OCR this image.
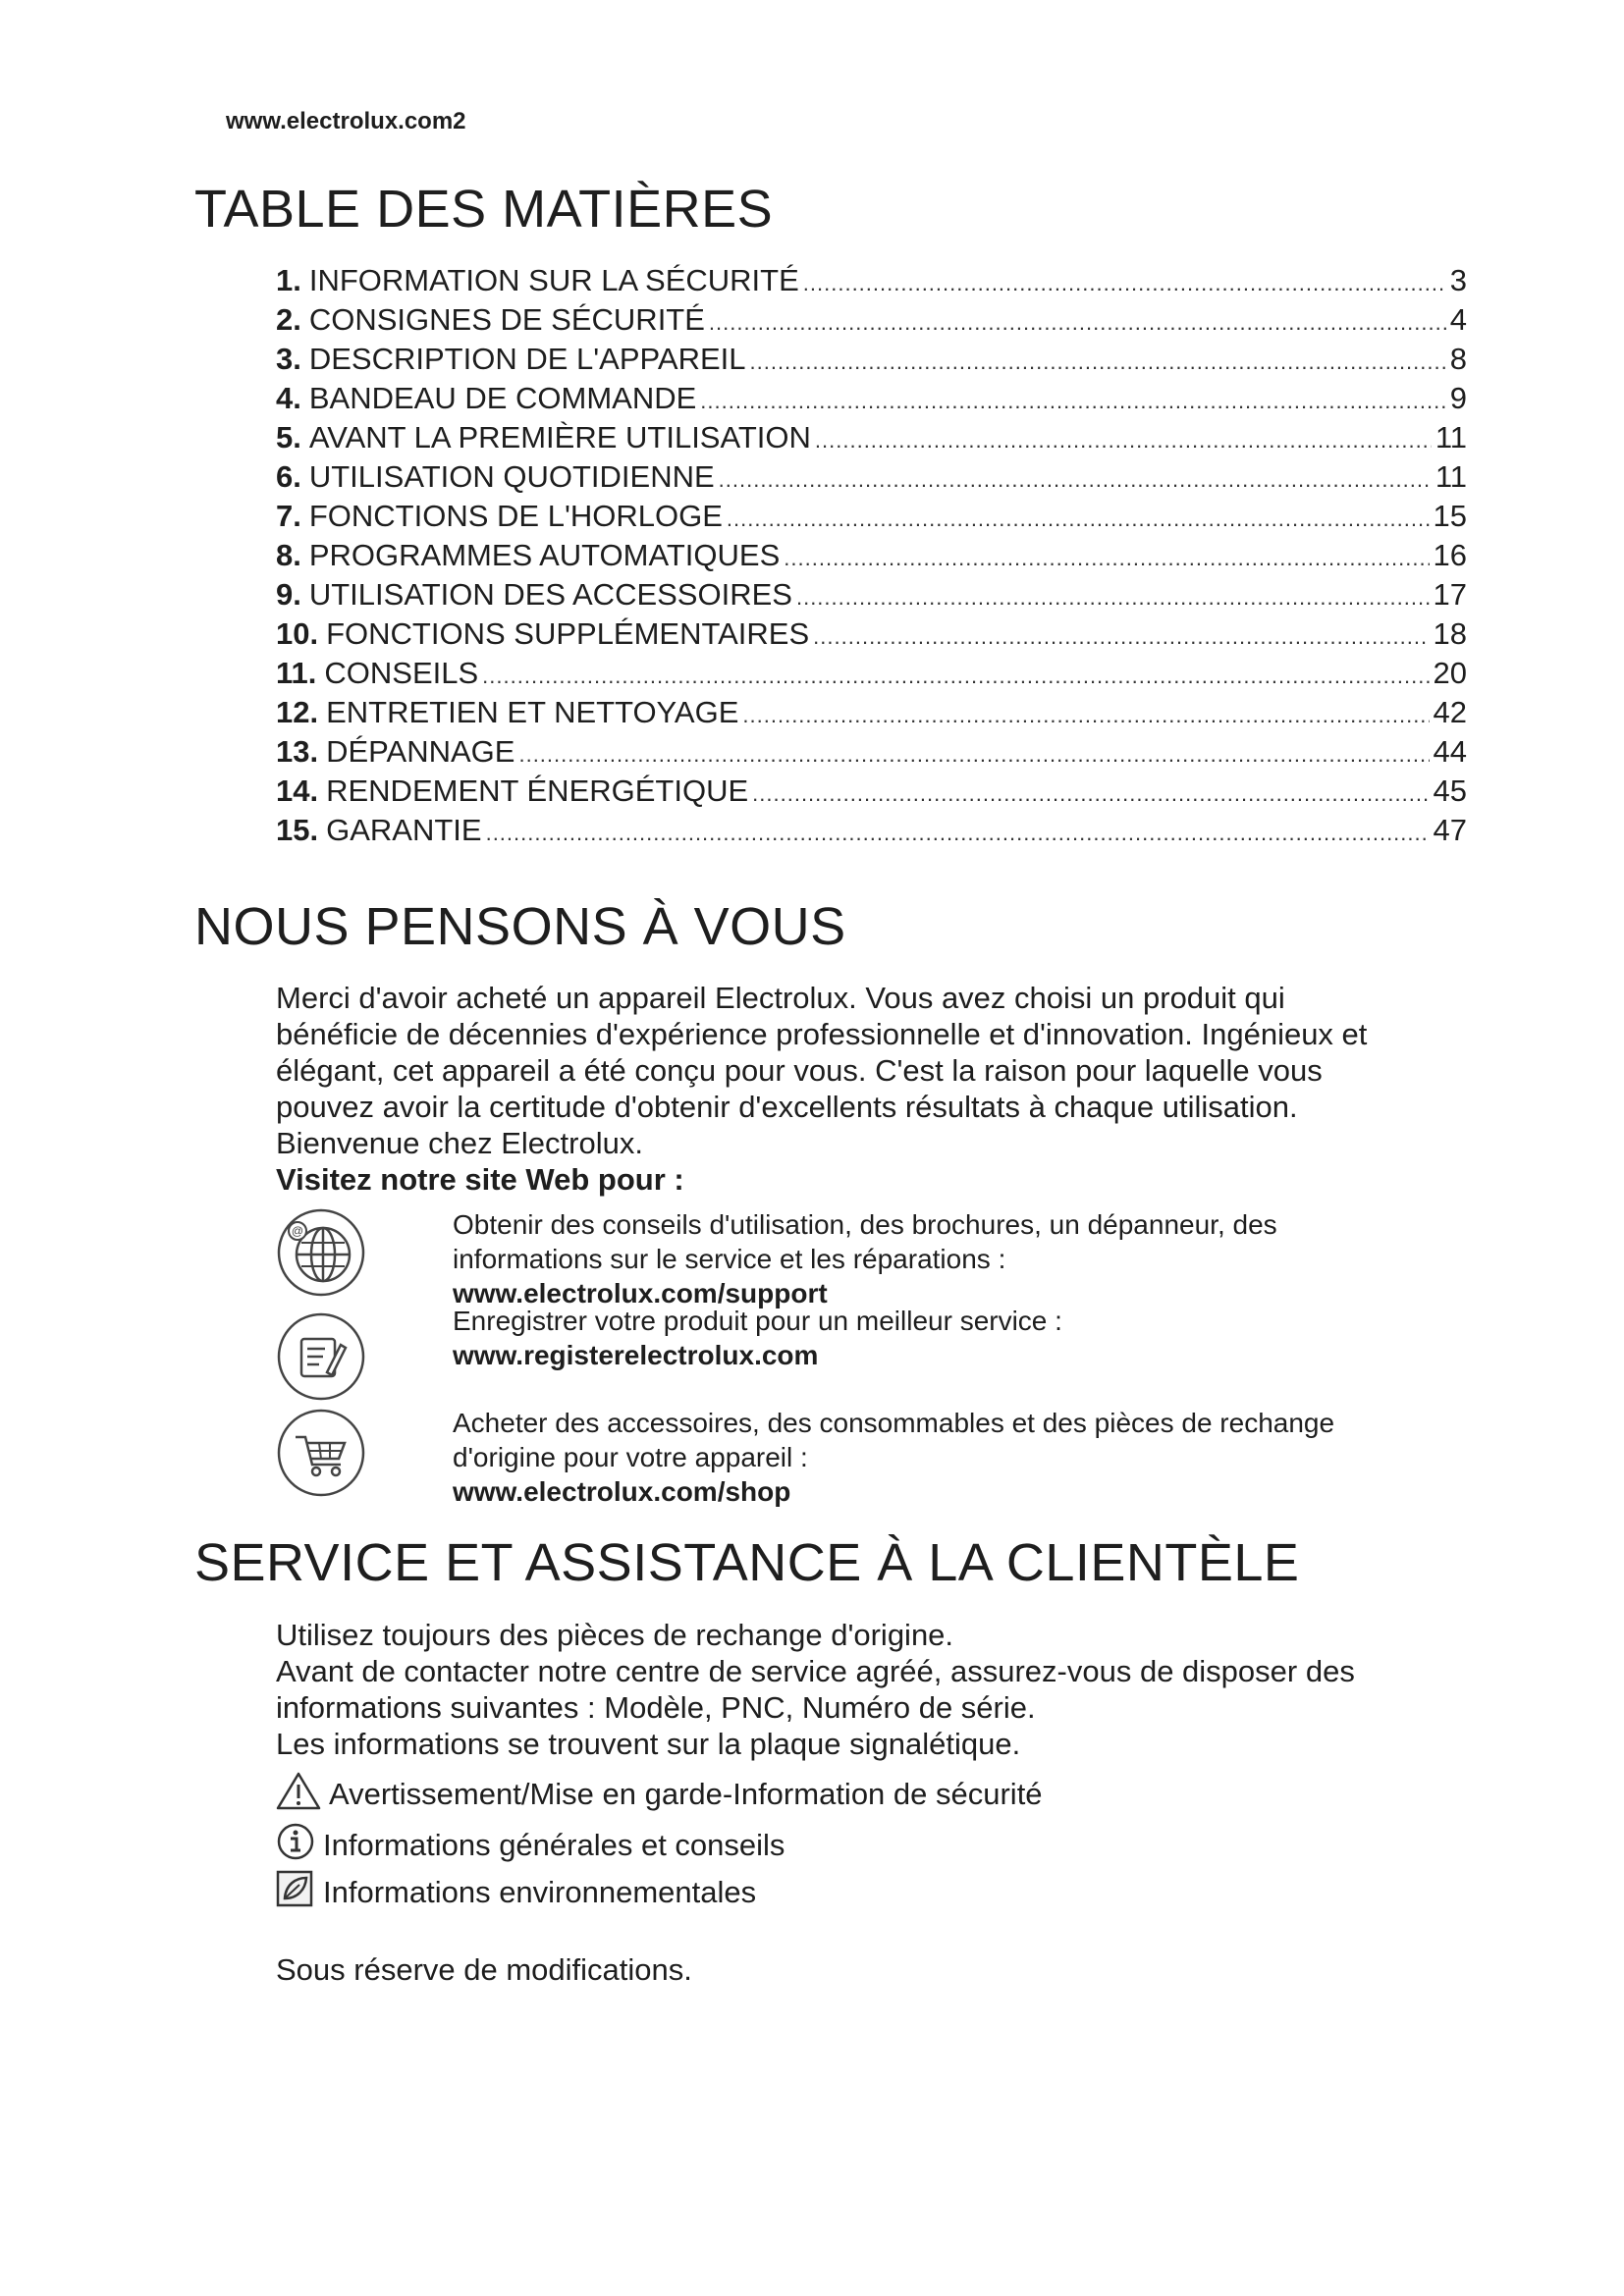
www.electrolux.com2
TABLE DES MATIÈRES
1. INFORMATION SUR LA SÉCURITÉ .....	3
2. CONSIGNES DE SÉCURITÉ .....	4
3. DESCRIPTION DE L'APPAREIL .....	8
4. BANDEAU DE COMMANDE .....	9
5. AVANT LA PREMIÈRE UTILISATION .....	11
6. UTILISATION QUOTIDIENNE .....	11
7. FONCTIONS DE L'HORLOGE .....	15
8. PROGRAMMES AUTOMATIQUES .....	16
9. UTILISATION DES ACCESSOIRES .....	17
10. FONCTIONS SUPPLÉMENTAIRES .....	18
11. CONSEILS .....	20
12. ENTRETIEN ET NETTOYAGE .....	42
13. DÉPANNAGE .....	44
14. RENDEMENT ÉNERGÉTIQUE .....	45
15. GARANTIE .....	47
NOUS PENSONS À VOUS
Merci d'avoir acheté un appareil Electrolux. Vous avez choisi un produit qui
bénéficie de décennies d'expérience professionnelle et d'innovation. Ingénieux et
élégant, cet appareil a été conçu pour vous. C'est la raison pour laquelle vous
pouvez avoir la certitude d'obtenir d'excellents résultats à chaque utilisation.
Bienvenue chez Electrolux.
Visitez notre site Web pour :
@	Obtenir des conseils d'utilisation, des brochures, un dépanneur, des
informations sur le service et les réparations :
www.electrolux.com/support
Enregistrer votre produit pour un meilleur service :
www.registerelectrolux.com
Acheter des accessoires, des consommables et des pièces de rechange
d'origine pour votre appareil :
www.electrolux.com/shop
SERVICE ET ASSISTANCE À LA CLIENTÈLE
Utilisez toujours des pièces de rechange d'origine.
Avant de contacter notre centre de service agréé, assurez-vous de disposer des
informations suivantes : Modèle, PNC, Numéro de série.
Les informations se trouvent sur la plaque signalétique.
Avertissement/Mise en garde-Information de sécurité
Informations générales et conseils
Informations environnementales
Sous réserve de modifications.
